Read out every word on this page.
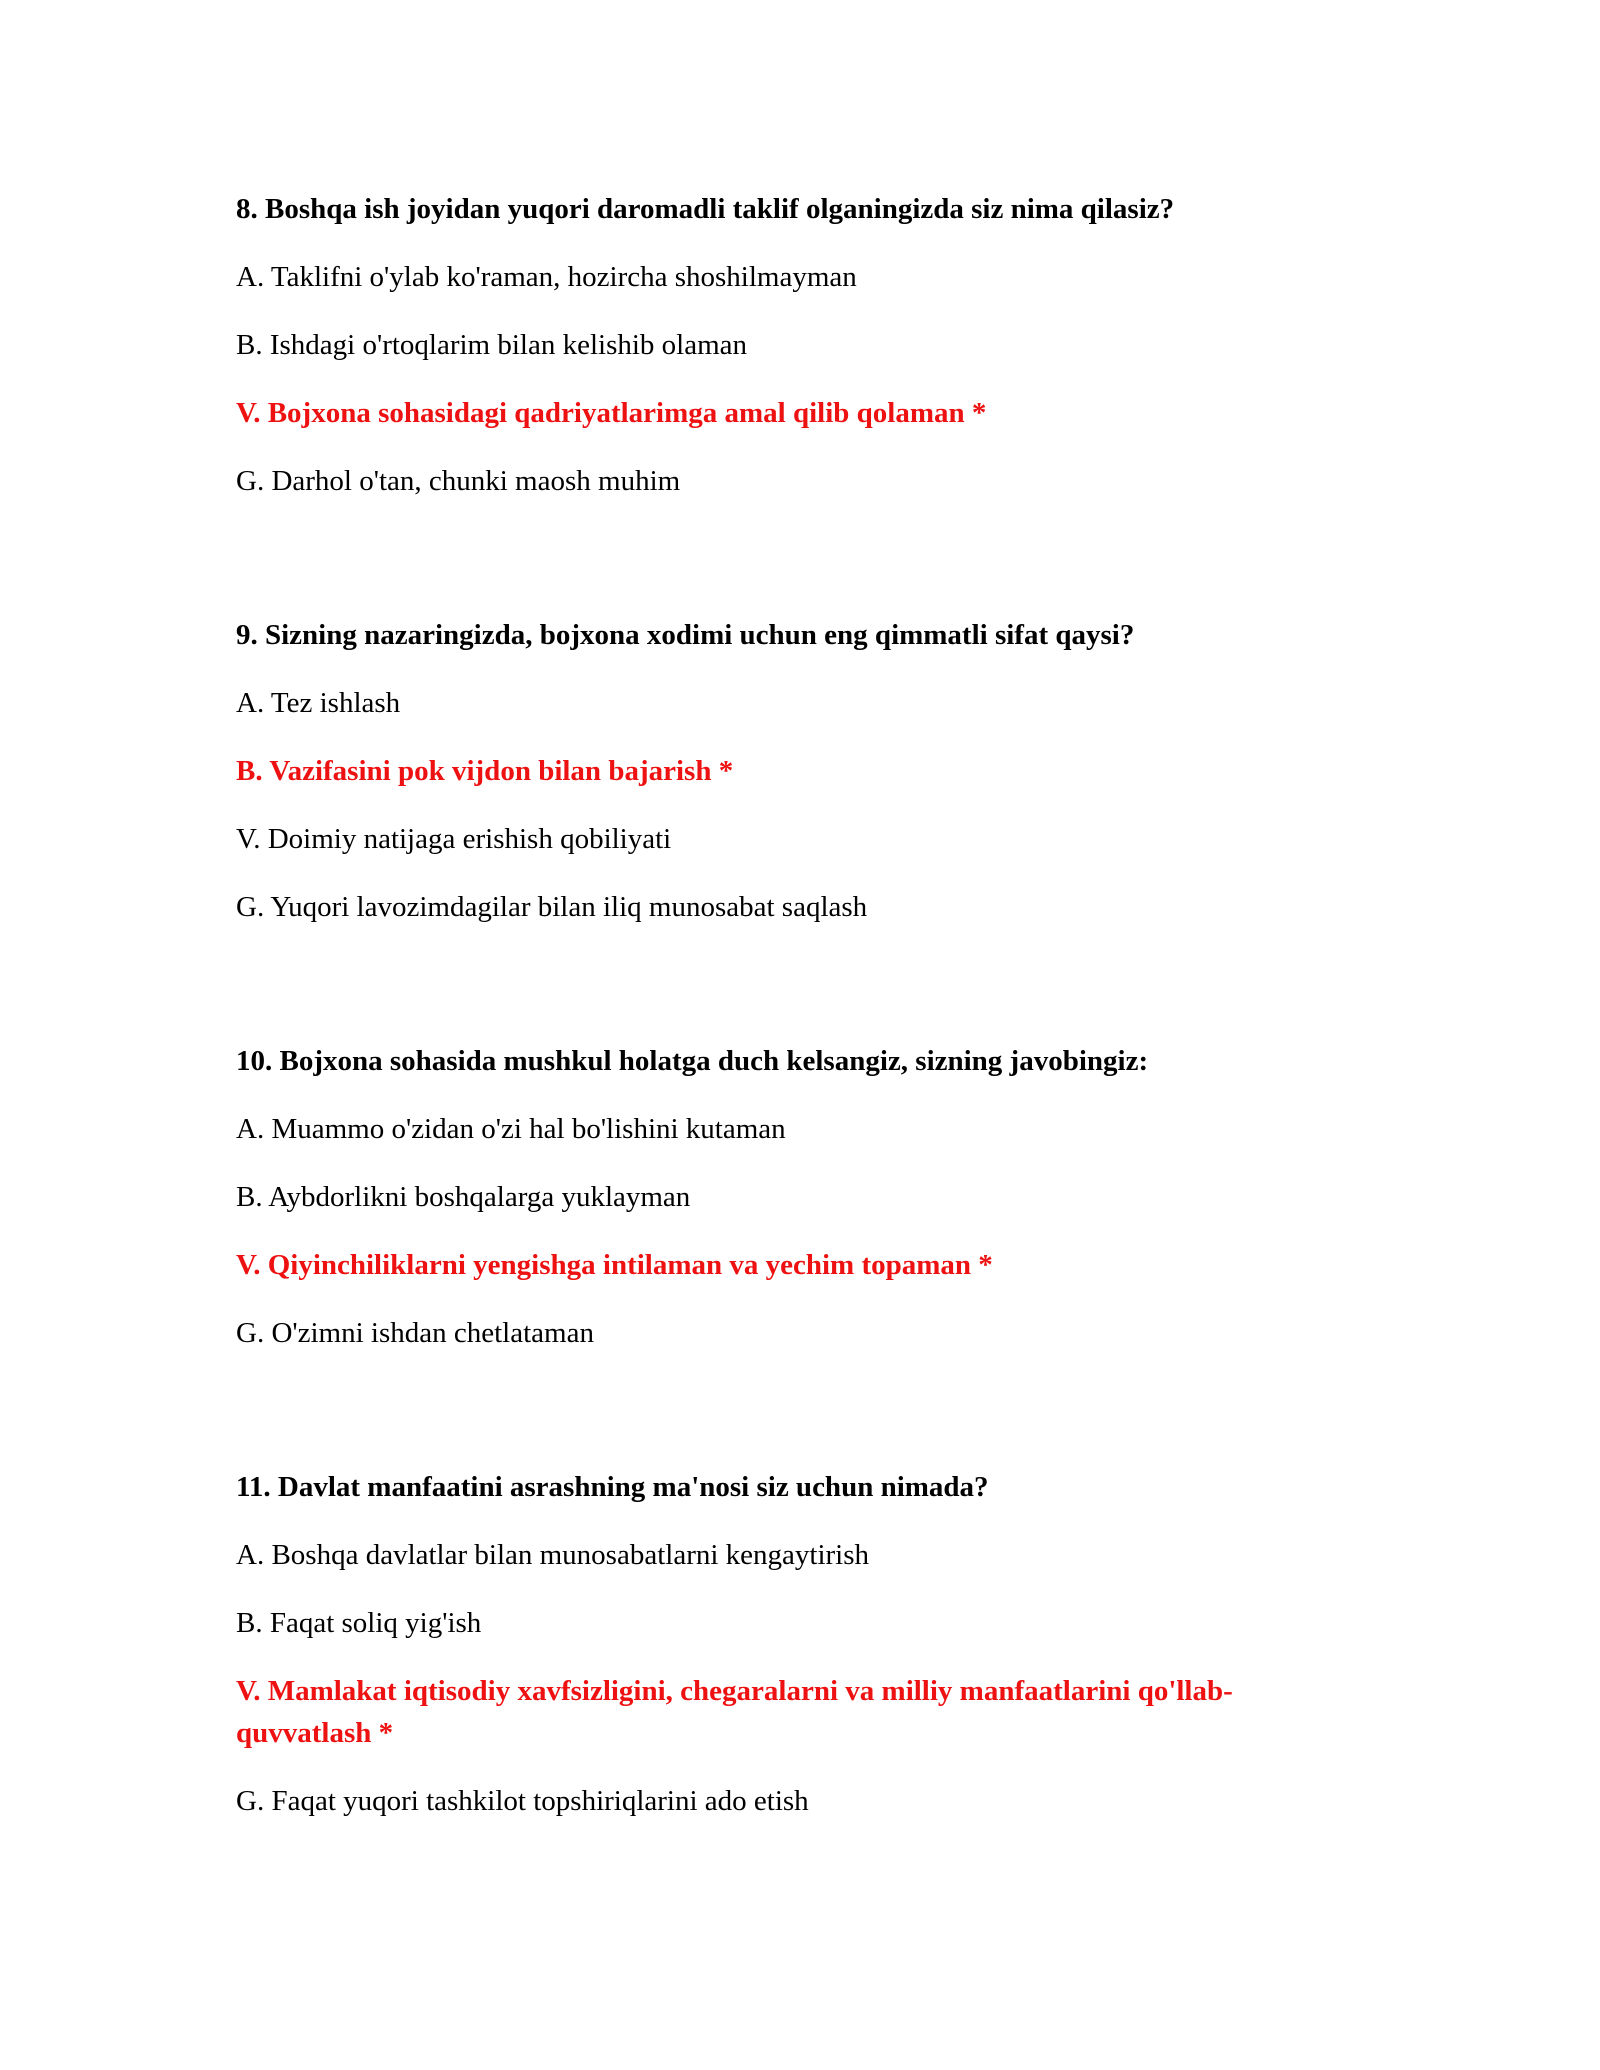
8. Boshqa ish joyidan yuqori daromadli taklif olganingizda siz nima qilasiz?
A. Taklifni o'ylab ko'raman, hozircha shoshilmayman
B. Ishdagi o'rtoqlarim bilan kelishib olaman
V. Bojxona sohasidagi qadriyatlarimga amal qilib qolaman *
G. Darhol o'tan, chunki maosh muhim
9. Sizning nazaringizda, bojxona xodimi uchun eng qimmatli sifat qaysi?
A. Tez ishlash
B. Vazifasini pok vijdon bilan bajarish *
V. Doimiy natijaga erishish qobiliyati
G. Yuqori lavozimdagilar bilan iliq munosabat saqlash
10. Bojxona sohasida mushkul holatga duch kelsangiz, sizning javobingiz:
A. Muammo o'zidan o'zi hal bo'lishini kutaman
B. Aybdorlikni boshqalarga yuklayman
V. Qiyinchiliklarni yengishga intilaman va yechim topaman *
G. O'zimni ishdan chetlataman
11. Davlat manfaatini asrashning ma'nosi siz uchun nimada?
A. Boshqa davlatlar bilan munosabatlarni kengaytirish
B. Faqat soliq yig'ish
V. Mamlakat iqtisodiy xavfsizligini, chegaralarni va milliy manfaatlarini qo'llab-quvvatlash *
G. Faqat yuqori tashkilot topshiriqlarini ado etish
